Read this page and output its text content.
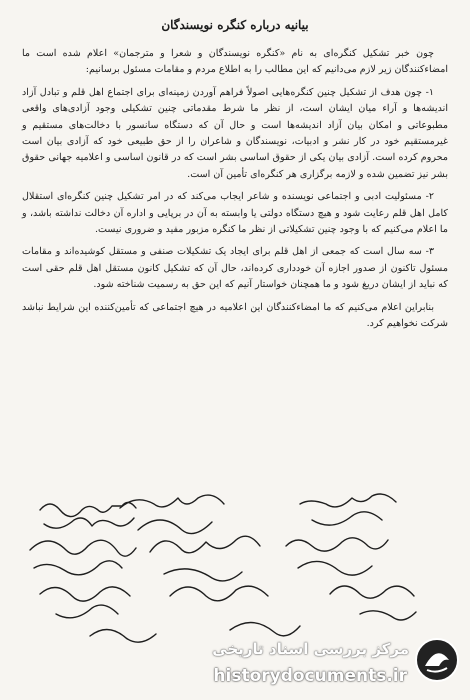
بیانیه درباره کنگره نویسندگان

چون خبر تشکیل کنگره‌ای به نام «کنگره نویسندگان و شعرا و مترجمان» اعلام شده است ما امضاءکنندگان زیر لازم می‌دانیم که این مطالب را به اطلاع مردم و مقامات مسئول برسانیم:

۱- چون هدف از تشکیل چنین کنگره‌هایی اصولاً فراهم آوردن زمینه‌ای برای اجتماع اهل قلم و تبادل آزاد اندیشه‌ها و آراء میان ایشان است، از نظر ما شرط مقدماتی چنین تشکیلی وجود آزادی‌های واقعی مطبوعاتی و امکان بیان آزاد اندیشه‌ها است و حال آن که دستگاه سانسور با دخالت‌های مستقیم و غیرمستقیم خود در کار نشر و ادبیات، نویسندگان و شاعران را از حق طبیعی خود که آزادی بیان است محروم کرده است. آزادی بیان یکی از حقوق اساسی بشر است که در قانون اساسی و اعلامیه جهانی حقوق بشر نیز تضمین شده و لازمه برگزاری هر کنگره‌ای تأمین آن است.

۲- مسئولیت ادبی و اجتماعی نویسنده و شاعر ایجاب می‌کند که در امر تشکیل چنین کنگره‌ای استقلال کامل اهل قلم رعایت شود و هیچ دستگاه دولتی یا وابسته به آن در برپایی و اداره آن دخالت نداشته باشد، و ما اعلام می‌کنیم که با وجود چنین تشکیلاتی از نظر ما کنگره مزبور مفید و ضروری نیست.

۳- سه سال است که جمعی از اهل قلم برای ایجاد یک تشکیلات صنفی و مستقل کوشیده‌اند و مقامات مسئول تاکنون از صدور اجازه آن خودداری کرده‌اند، حال آن که تشکیل کانون مستقل اهل قلم حقی است که نباید از ایشان دریغ شود و ما همچنان خواستار آنیم که این حق به رسمیت شناخته شود.

بنابراین اعلام می‌کنیم که ما امضاءکنندگان این اعلامیه در هیچ اجتماعی که تأمین‌کننده این شرایط نباشد شرکت نخواهیم کرد.

مرکز بررسی اسناد تاریخی
historydocuments.ir
